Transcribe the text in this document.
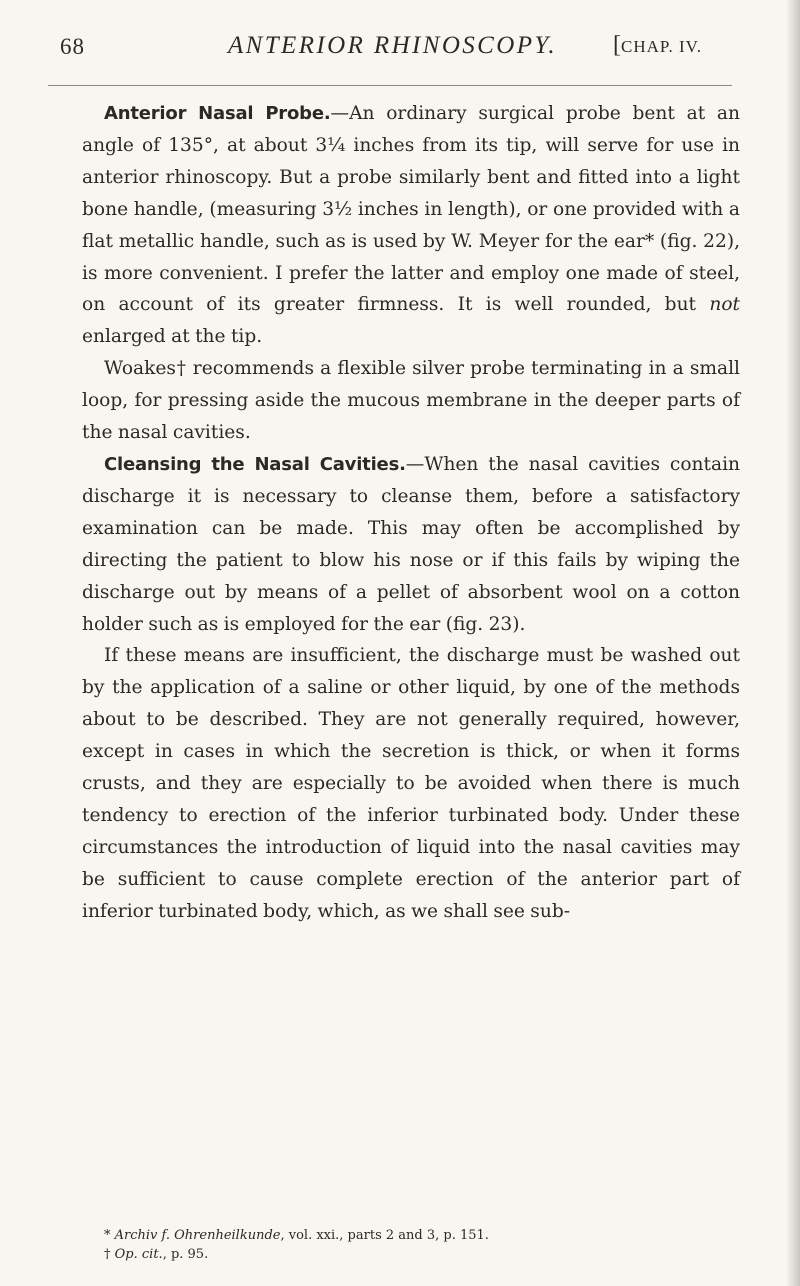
68	ANTERIOR RHINOSCOPY. [CHAP. IV.

Anterior Nasal Probe.—An ordinary surgical probe bent at an angle of 135°, at about 3¼ inches from its tip, will serve for use in anterior rhinoscopy. But a probe similarly bent and fitted into a light bone handle, (measuring 3½ inches in length), or one provided with a flat metallic handle, such as is used by W. Meyer for the ear* (fig. 22), is more convenient. I prefer the latter and employ one made of steel, on account of its greater firmness. It is well rounded, but not enlarged at the tip.

Woakes† recommends a flexible silver probe terminating in a small loop, for pressing aside the mucous membrane in the deeper parts of the nasal cavities.

Cleansing the Nasal Cavities.—When the nasal cavities contain discharge it is necessary to cleanse them, before a satisfactory examination can be made. This may often be accomplished by directing the patient to blow his nose or if this fails by wiping the discharge out by means of a pellet of absorbent wool on a cotton holder such as is employed for the ear (fig. 23).

If these means are insufficient, the discharge must be washed out by the application of a saline or other liquid, by one of the methods about to be described. They are not generally required, however, except in cases in which the secretion is thick, or when it forms crusts, and they are especially to be avoided when there is much tendency to erection of the inferior turbinated body. Under these circumstances the introduction of liquid into the nasal cavities may be sufficient to cause complete erection of the anterior part of inferior turbinated body, which, as we shall see sub-

* Archiv f. Ohrenheilkunde, vol. xxi., parts 2 and 3, p. 151.

† Op. cit., p. 95.
